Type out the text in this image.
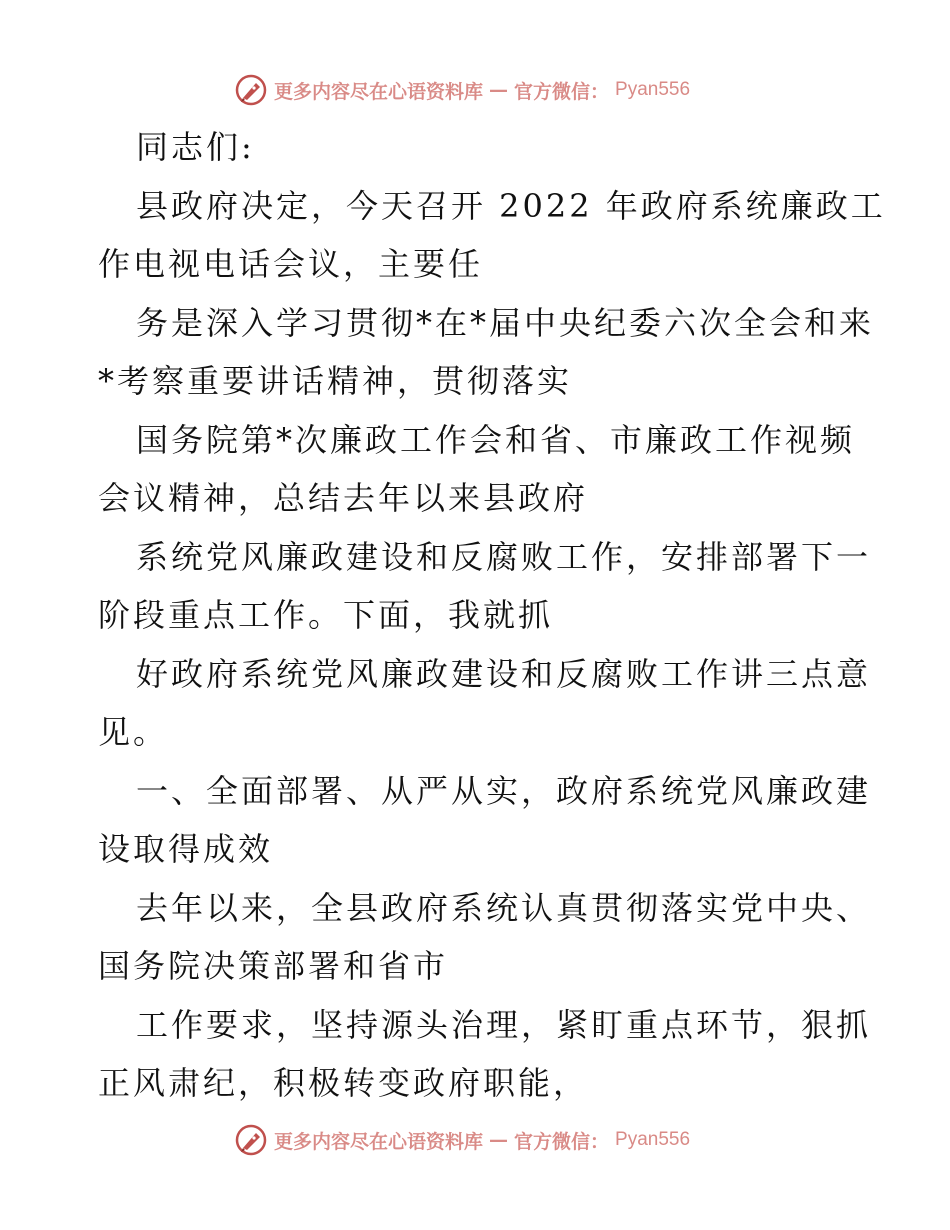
更多内容尽在心语资料库 — 官方微信： Pyan556
同志们:
县政府决定，今天召开 2022 年政府系统廉政工
作电视电话会议，主要任
务是深入学习贯彻*在*届中央纪委六次全会和来
*考察重要讲话精神，贯彻落实
国务院第*次廉政工作会和省、市廉政工作视频
会议精神，总结去年以来县政府
系统党风廉政建设和反腐败工作，安排部署下一
阶段重点工作。下面，我就抓
好政府系统党风廉政建设和反腐败工作讲三点意
见。
一、全面部署、从严从实，政府系统党风廉政建
设取得成效
去年以来，全县政府系统认真贯彻落实党中央、
国务院决策部署和省市
工作要求，坚持源头治理，紧盯重点环节，狠抓
正风肃纪，积极转变政府职能，
更多内容尽在心语资料库 — 官方微信： Pyan556
